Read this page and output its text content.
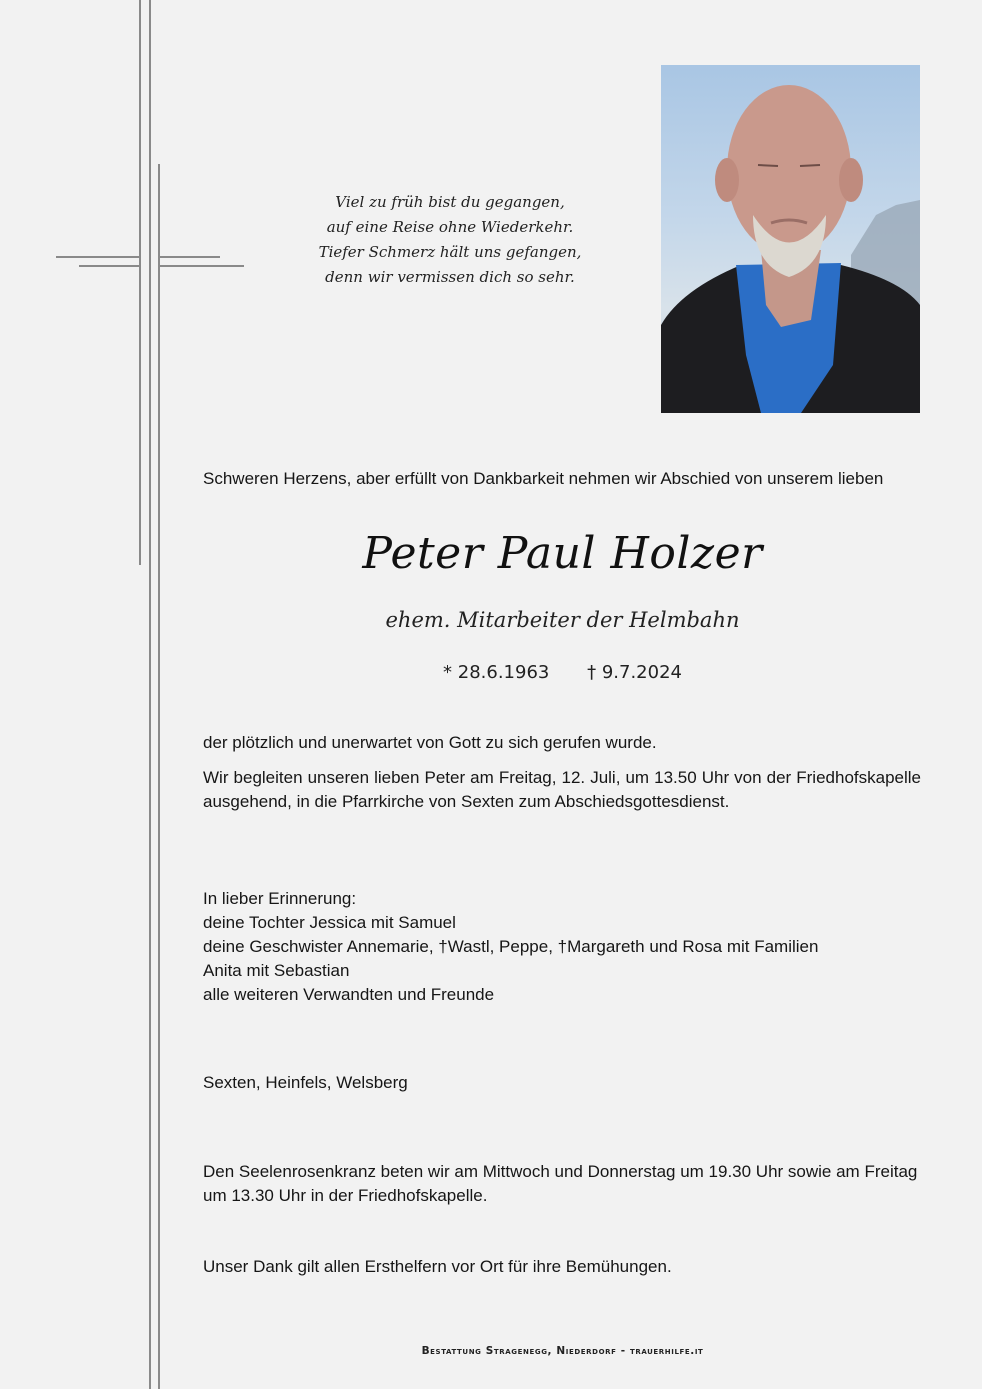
Viel zu früh bist du gegangen,
auf eine Reise ohne Wiederkehr.
Tiefer Schmerz hält uns gefangen,
denn wir vermissen dich so sehr.
Schweren Herzens, aber erfüllt von Dankbarkeit nehmen wir Abschied von unserem lieben
Peter Paul Holzer
ehem. Mitarbeiter der Helmbahn
* 28.6.1963 † 9.7.2024
der plötzlich und unerwartet von Gott zu sich gerufen wurde.
Wir begleiten unseren lieben Peter am Freitag, 12. Juli, um 13.50 Uhr von der Friedhofskapelle ausgehend, in die Pfarrkirche von Sexten zum Abschiedsgottesdienst.
In lieber Erinnerung:
deine Tochter Jessica mit Samuel
deine Geschwister Annemarie, †Wastl, Peppe, †Margareth und Rosa mit Familien
Anita mit Sebastian
alle weiteren Verwandten und Freunde
Sexten, Heinfels, Welsberg
Den Seelenrosenkranz beten wir am Mittwoch und Donnerstag um 19.30 Uhr sowie am Freitag um 13.30 Uhr in der Friedhofskapelle.
Unser Dank gilt allen Ersthelfern vor Ort für ihre Bemühungen.
Bestattung Stragenegg, Niederdorf - trauerhilfe.it
